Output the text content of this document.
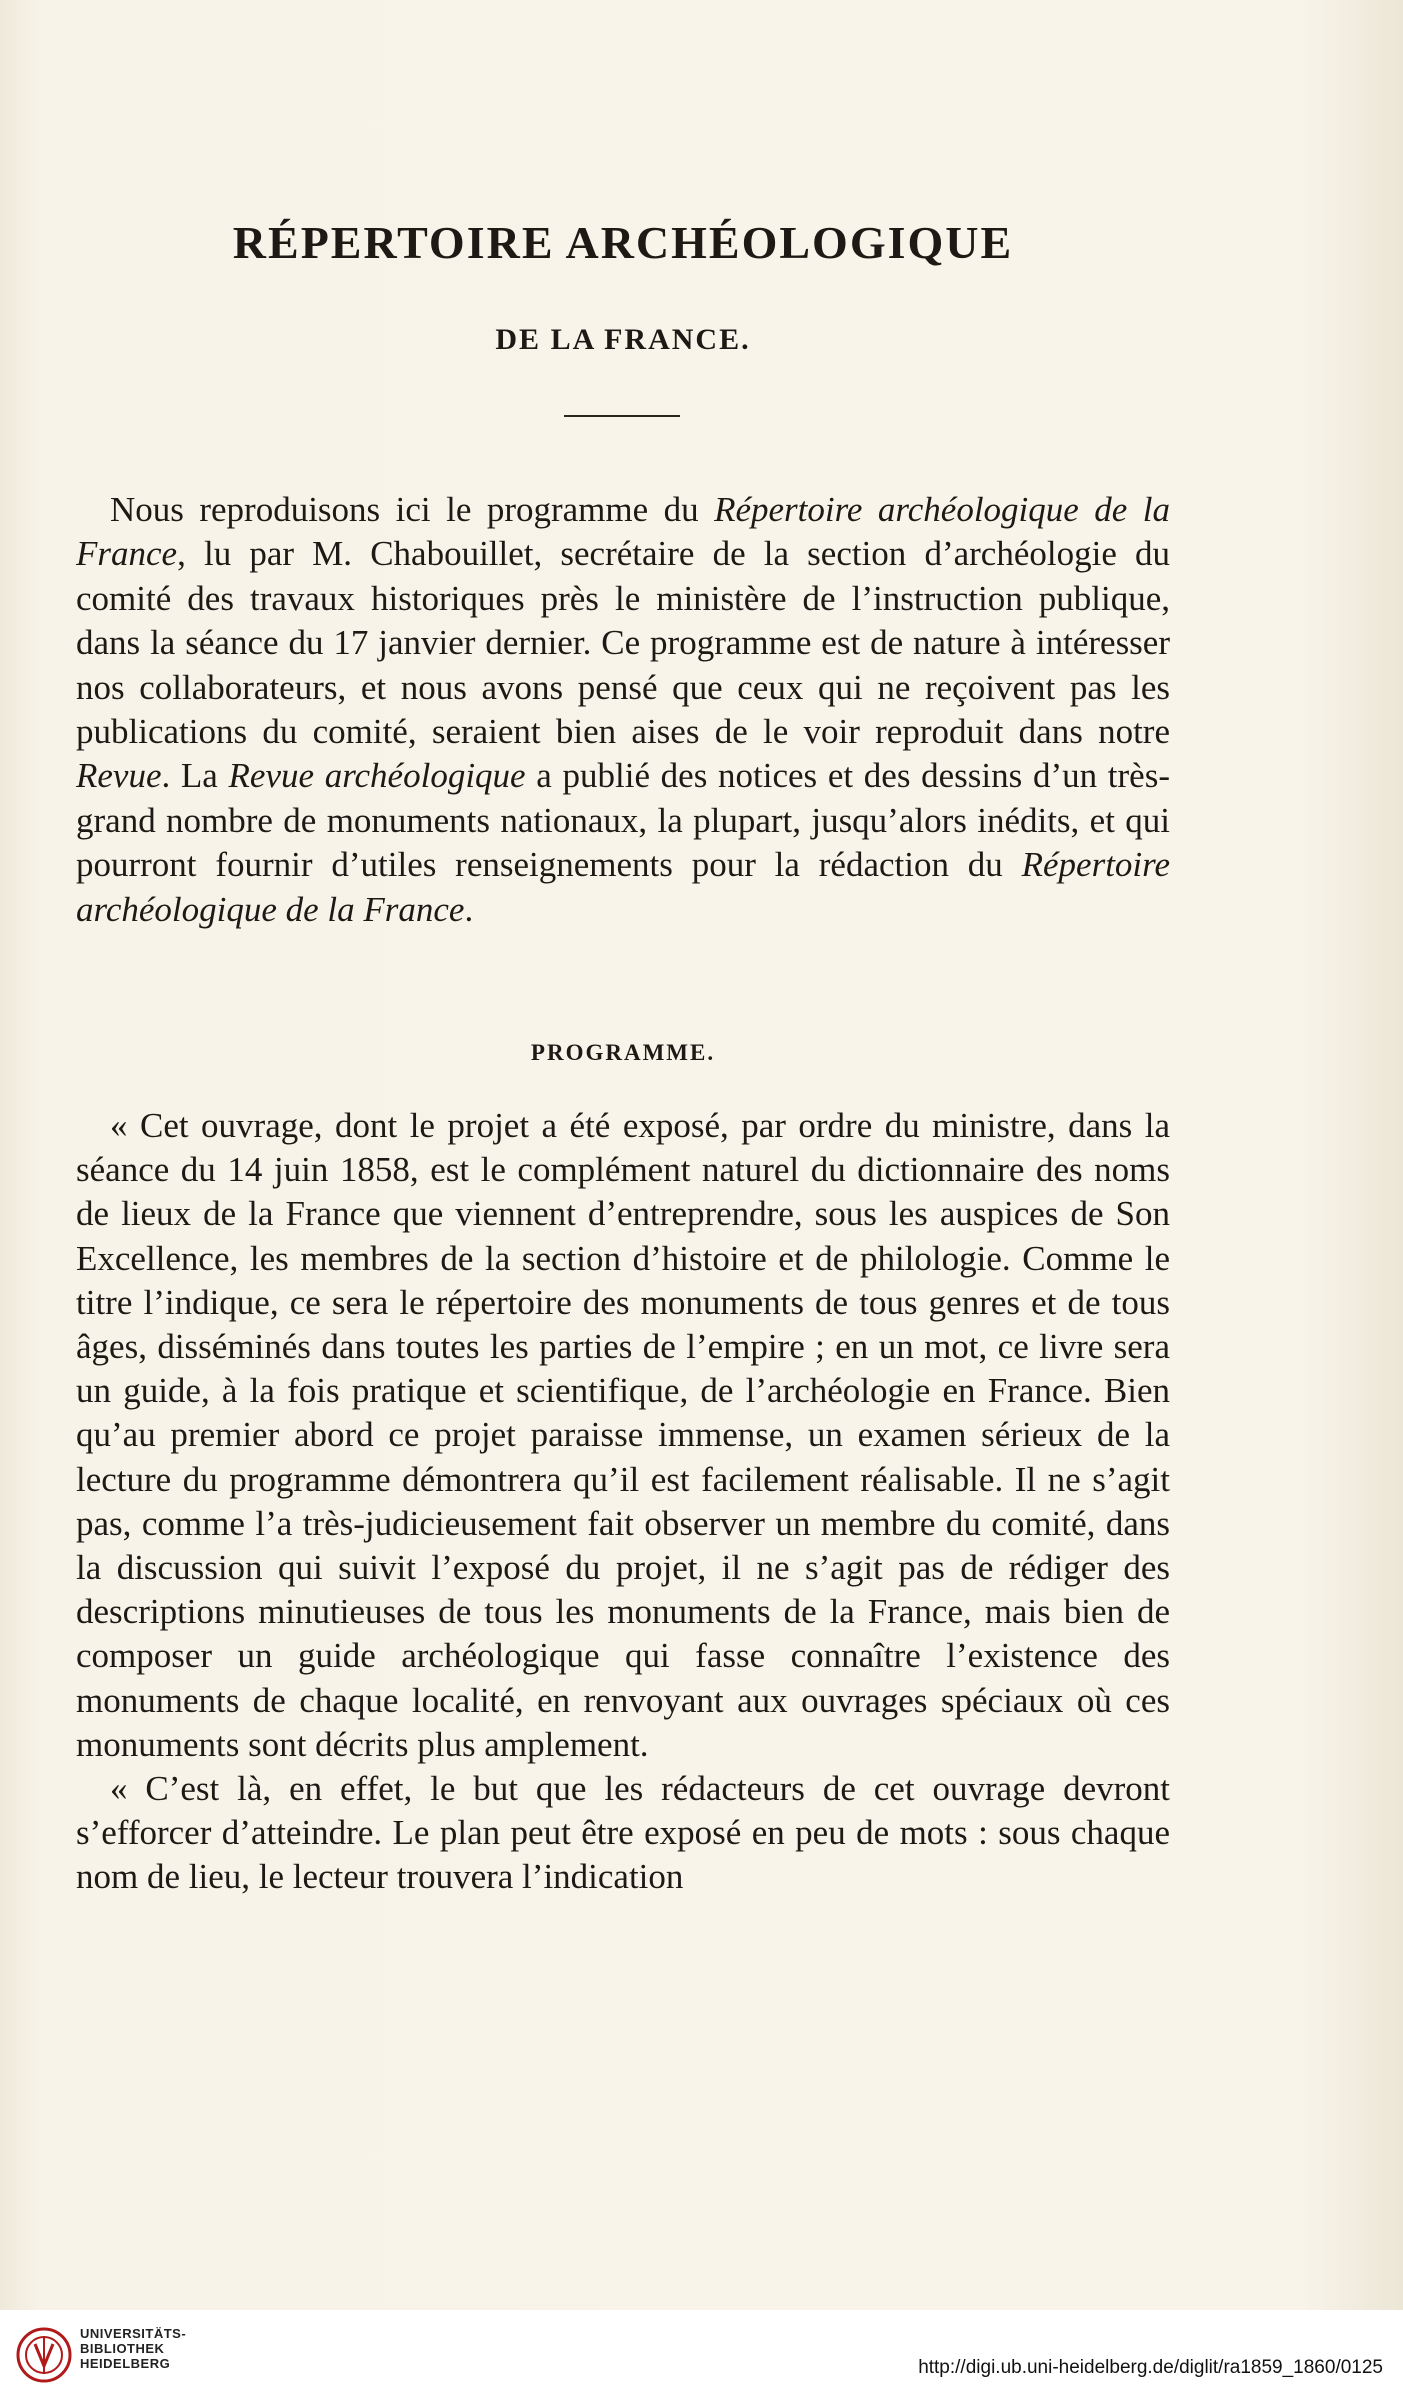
RÉPERTOIRE ARCHÉOLOGIQUE
DE LA FRANCE.

Nous reproduisons ici le programme du Répertoire archéologique de la France, lu par M. Chabouillet, secrétaire de la section d’archéologie du comité des travaux historiques près le ministère de l’instruction publique, dans la séance du 17 janvier dernier. Ce programme est de nature à intéresser nos collaborateurs, et nous avons pensé que ceux qui ne reçoivent pas les publications du comité, seraient bien aises de le voir reproduit dans notre Revue. La Revue archéologique a publié des notices et des dessins d’un très-grand nombre de monuments nationaux, la plupart, jusqu’alors inédits, et qui pourront fournir d’utiles renseignements pour la rédaction du Répertoire archéologique de la France.

PROGRAMME.

« Cet ouvrage, dont le projet a été exposé, par ordre du ministre, dans la séance du 14 juin 1858, est le complément naturel du dictionnaire des noms de lieux de la France que viennent d’entreprendre, sous les auspices de Son Excellence, les membres de la section d’histoire et de philologie. Comme le titre l’indique, ce sera le répertoire des monuments de tous genres et de tous âges, disséminés dans toutes les parties de l’empire ; en un mot, ce livre sera un guide, à la fois pratique et scientifique, de l’archéologie en France. Bien qu’au premier abord ce projet paraisse immense, un examen sérieux de la lecture du programme démontrera qu’il est facilement réalisable. Il ne s’agit pas, comme l’a très-judicieusement fait observer un membre du comité, dans la discussion qui suivit l’exposé du projet, il ne s’agit pas de rédiger des descriptions minutieuses de tous les monuments de la France, mais bien de composer un guide archéologique qui fasse connaître l’existence des monuments de chaque localité, en renvoyant aux ouvrages spéciaux où ces monuments sont décrits plus amplement.

« C’est là, en effet, le but que les rédacteurs de cet ouvrage devront s’efforcer d’atteindre. Le plan peut être exposé en peu de mots : sous chaque nom de lieu, le lecteur trouvera l’indication

UNIVERSITÄTS-
BIBLIOTHEK
HEIDELBERG	http://digi.ub.uni-heidelberg.de/diglit/ra1859_1860/0125
